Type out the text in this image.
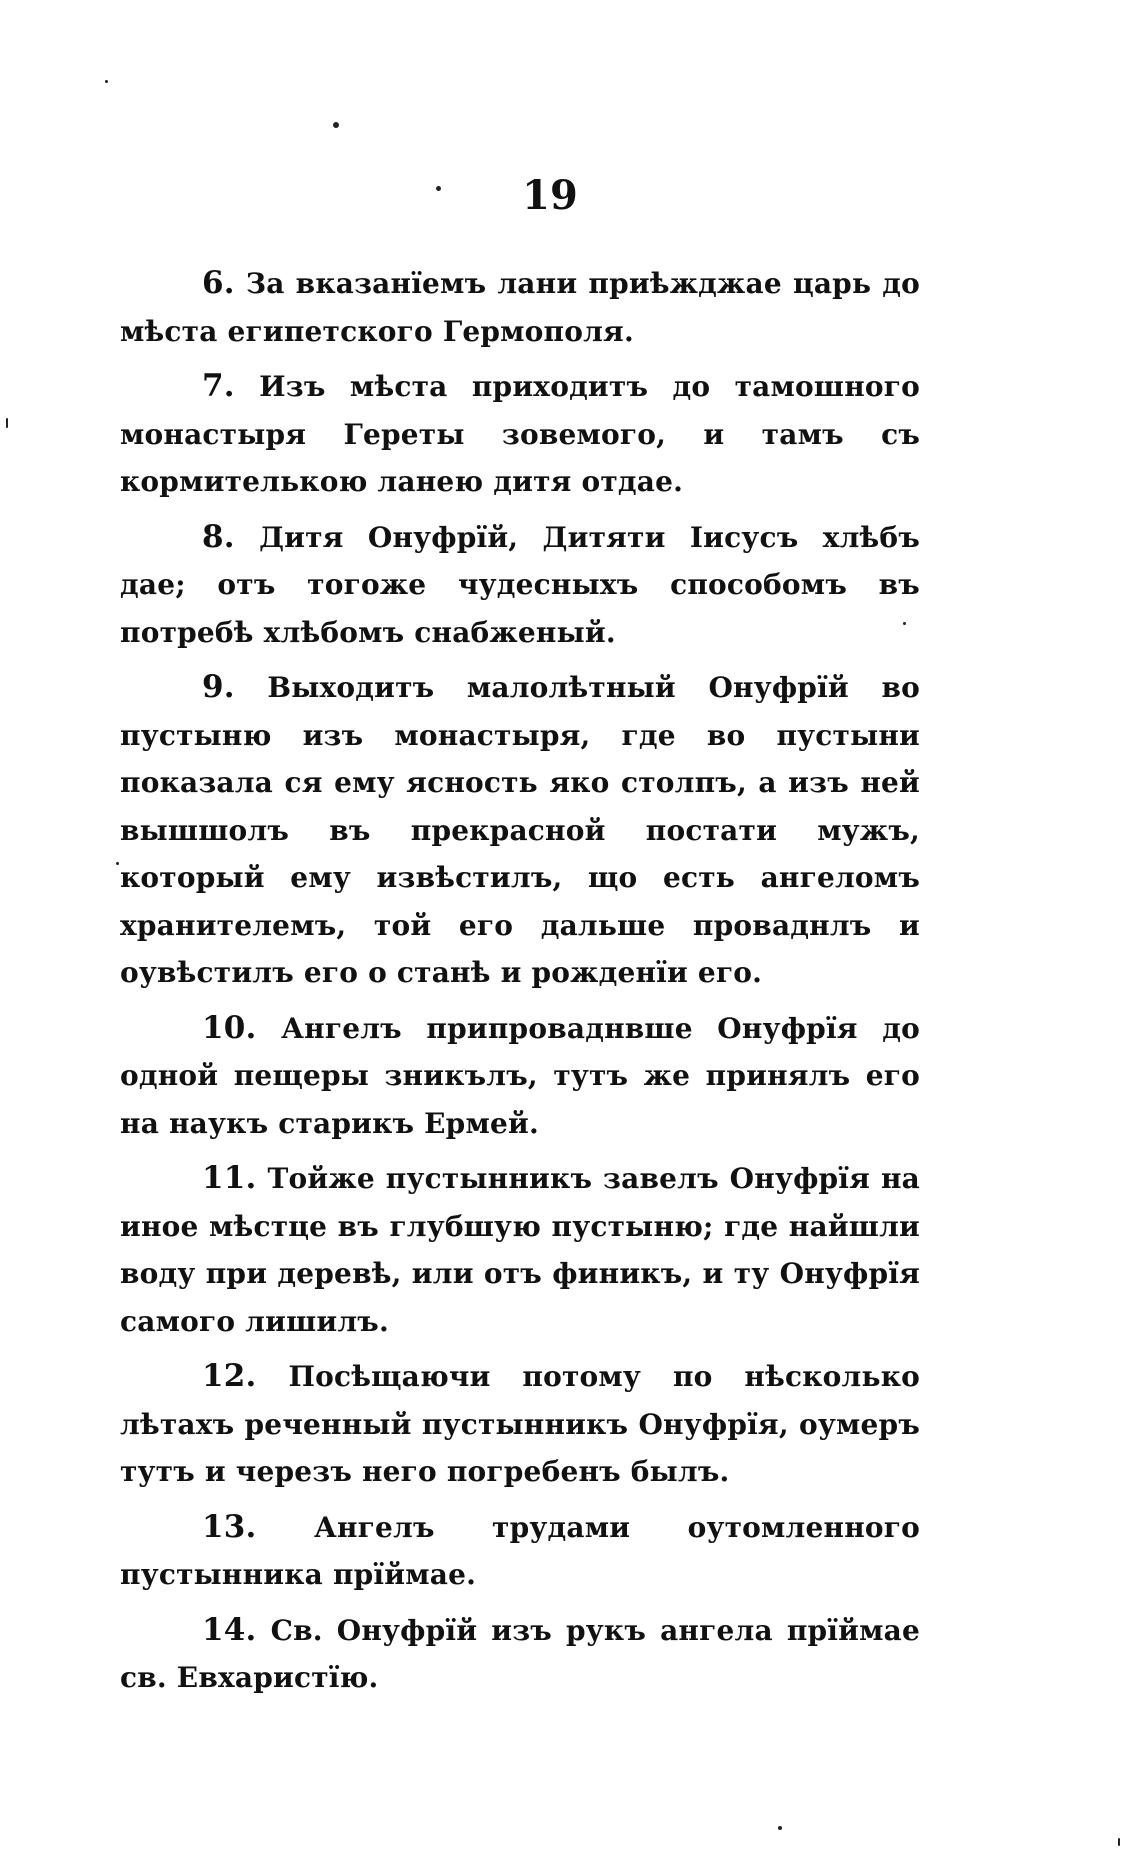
19

6. За вказанїемъ лани приѣжджае царь до мѣста египетского Гермополя.

7. Изъ мѣста приходитъ до тамошного монастыря Гереты зовемого, и тамъ съ кормителькою ланею дитя отдае.

8. Дитя Онуфрїй, Дитяти Iисусъ хлѣбъ дае; отъ тогоже чудесныхъ способомъ въ потребѣ хлѣбомъ снабженый.

9. Выходитъ малолѣтный Онуфрїй во пустыню изъ монастыря, где во пустыни показала ся ему ясность яко столпъ, а изъ ней вышшолъ въ прекрасной постати мужъ, который ему извѣстилъ, що есть ангеломъ хранителемъ, той его дальше проваднлъ и оувѣстилъ его о станѣ и рожденїи его.

10. Ангелъ припроваднвше Онуфрїя до одной пещеры зникълъ, тутъ же принялъ его на наукъ старикъ Ермей.

11. Тойже пустынникъ завелъ Онуфрїя на иное мѣстце въ глубшую пустыню; где найшли воду при деревѣ, или отъ финикъ, и ту Онуфрїя самого лишилъ.

12. Посѣщаючи потому по нѣсколько лѣтахъ реченный пустынникъ Онуфрїя, оумеръ тутъ и черезъ него погребенъ былъ.

13. Ангелъ трудами оутомленного пустынника прїймае.

14. Св. Онуфрїй изъ рукъ ангела прїймае св. Евхаристїю.
